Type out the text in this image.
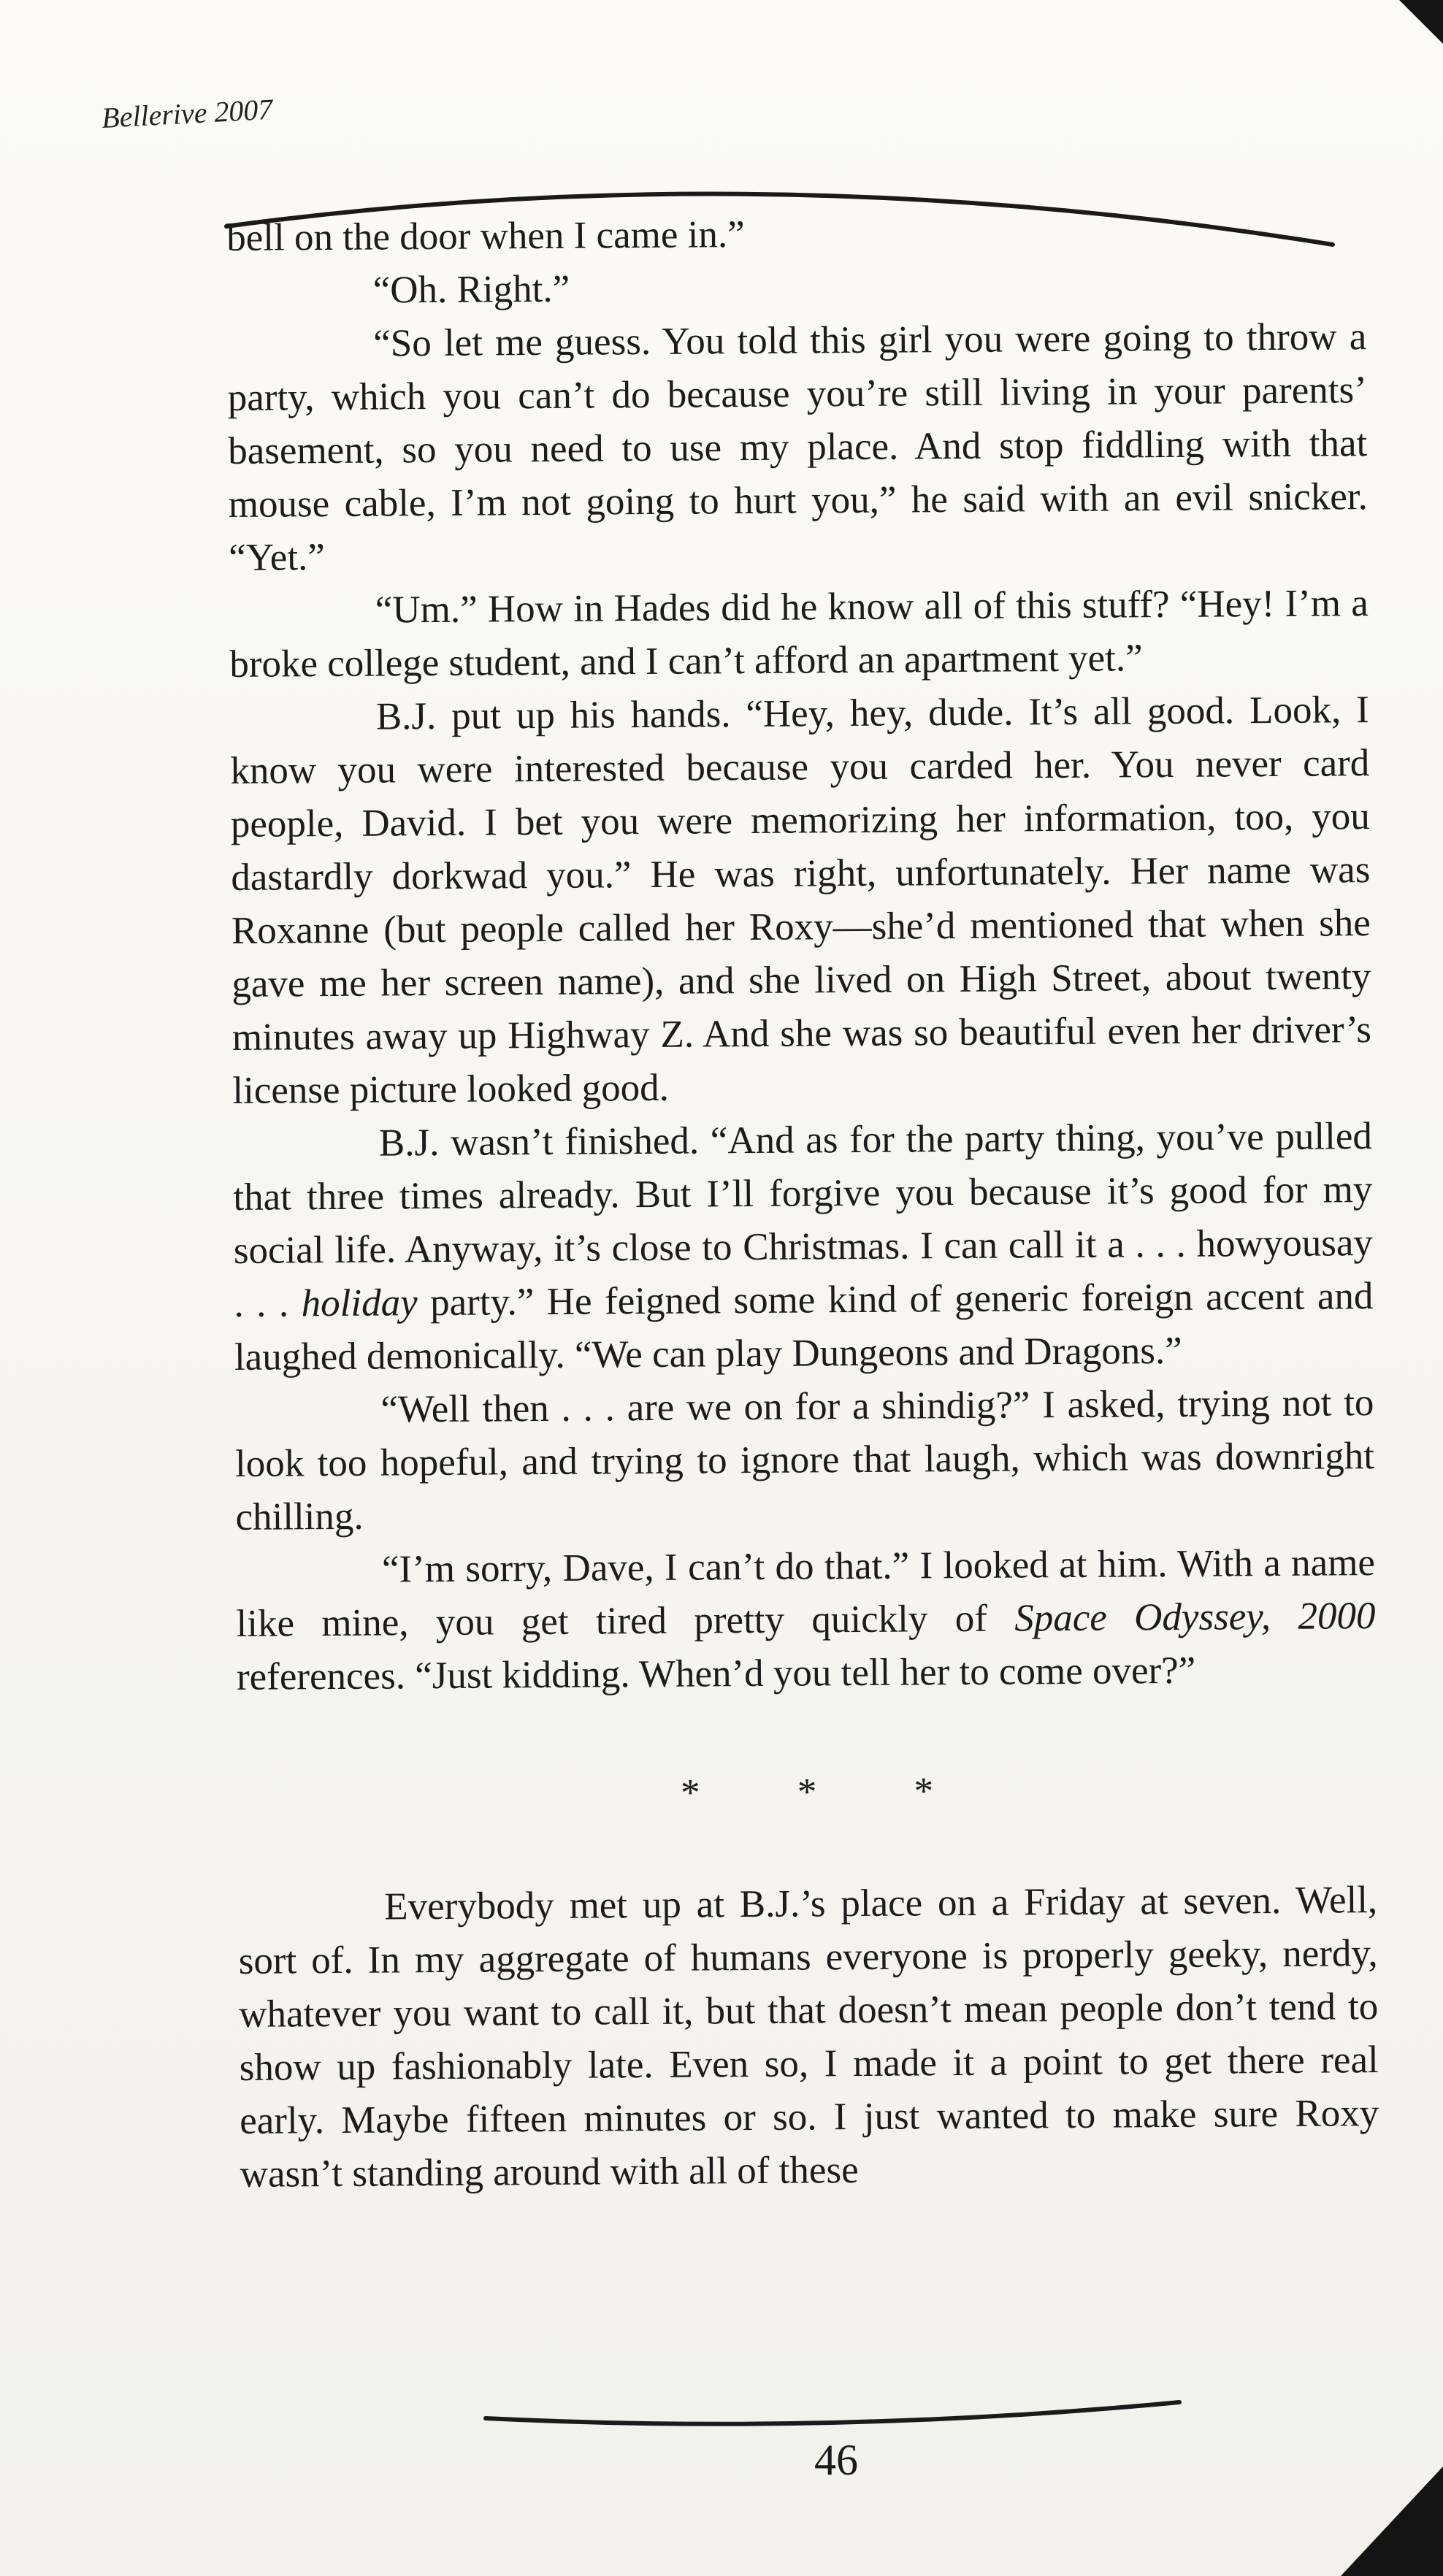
Bellerive 2007

bell on the door when I came in.”

“Oh. Right.”

“So let me guess. You told this girl you were going to throw a party, which you can’t do because you’re still living in your parents’ basement, so you need to use my place. And stop fiddling with that mouse cable, I’m not going to hurt you,” he said with an evil snicker. “Yet.”

“Um.” How in Hades did he know all of this stuff? “Hey! I’m a broke college student, and I can’t afford an apartment yet.”

B.J. put up his hands. “Hey, hey, dude. It’s all good. Look, I know you were interested because you carded her. You never card people, David. I bet you were memorizing her information, too, you dastardly dorkwad you.” He was right, unfortunately. Her name was Roxanne (but people called her Roxy—she’d mentioned that when she gave me her screen name), and she lived on High Street, about twenty minutes away up Highway Z. And she was so beautiful even her driver’s license picture looked good.

B.J. wasn’t finished. “And as for the party thing, you’ve pulled that three times already. But I’ll forgive you because it’s good for my social life. Anyway, it’s close to Christmas. I can call it a . . . howyousay . . . holiday party.” He feigned some kind of generic foreign accent and laughed demonically. “We can play Dungeons and Dragons.”

“Well then . . . are we on for a shindig?” I asked, trying not to look too hopeful, and trying to ignore that laugh, which was downright chilling.

“I’m sorry, Dave, I can’t do that.” I looked at him. With a name like mine, you get tired pretty quickly of Space Odyssey, 2000 references. “Just kidding. When’d you tell her to come over?”

* * *

Everybody met up at B.J.’s place on a Friday at seven. Well, sort of. In my aggregate of humans everyone is properly geeky, nerdy, whatever you want to call it, but that doesn’t mean people don’t tend to show up fashionably late. Even so, I made it a point to get there real early. Maybe fifteen minutes or so. I just wanted to make sure Roxy wasn’t standing around with all of these

46
